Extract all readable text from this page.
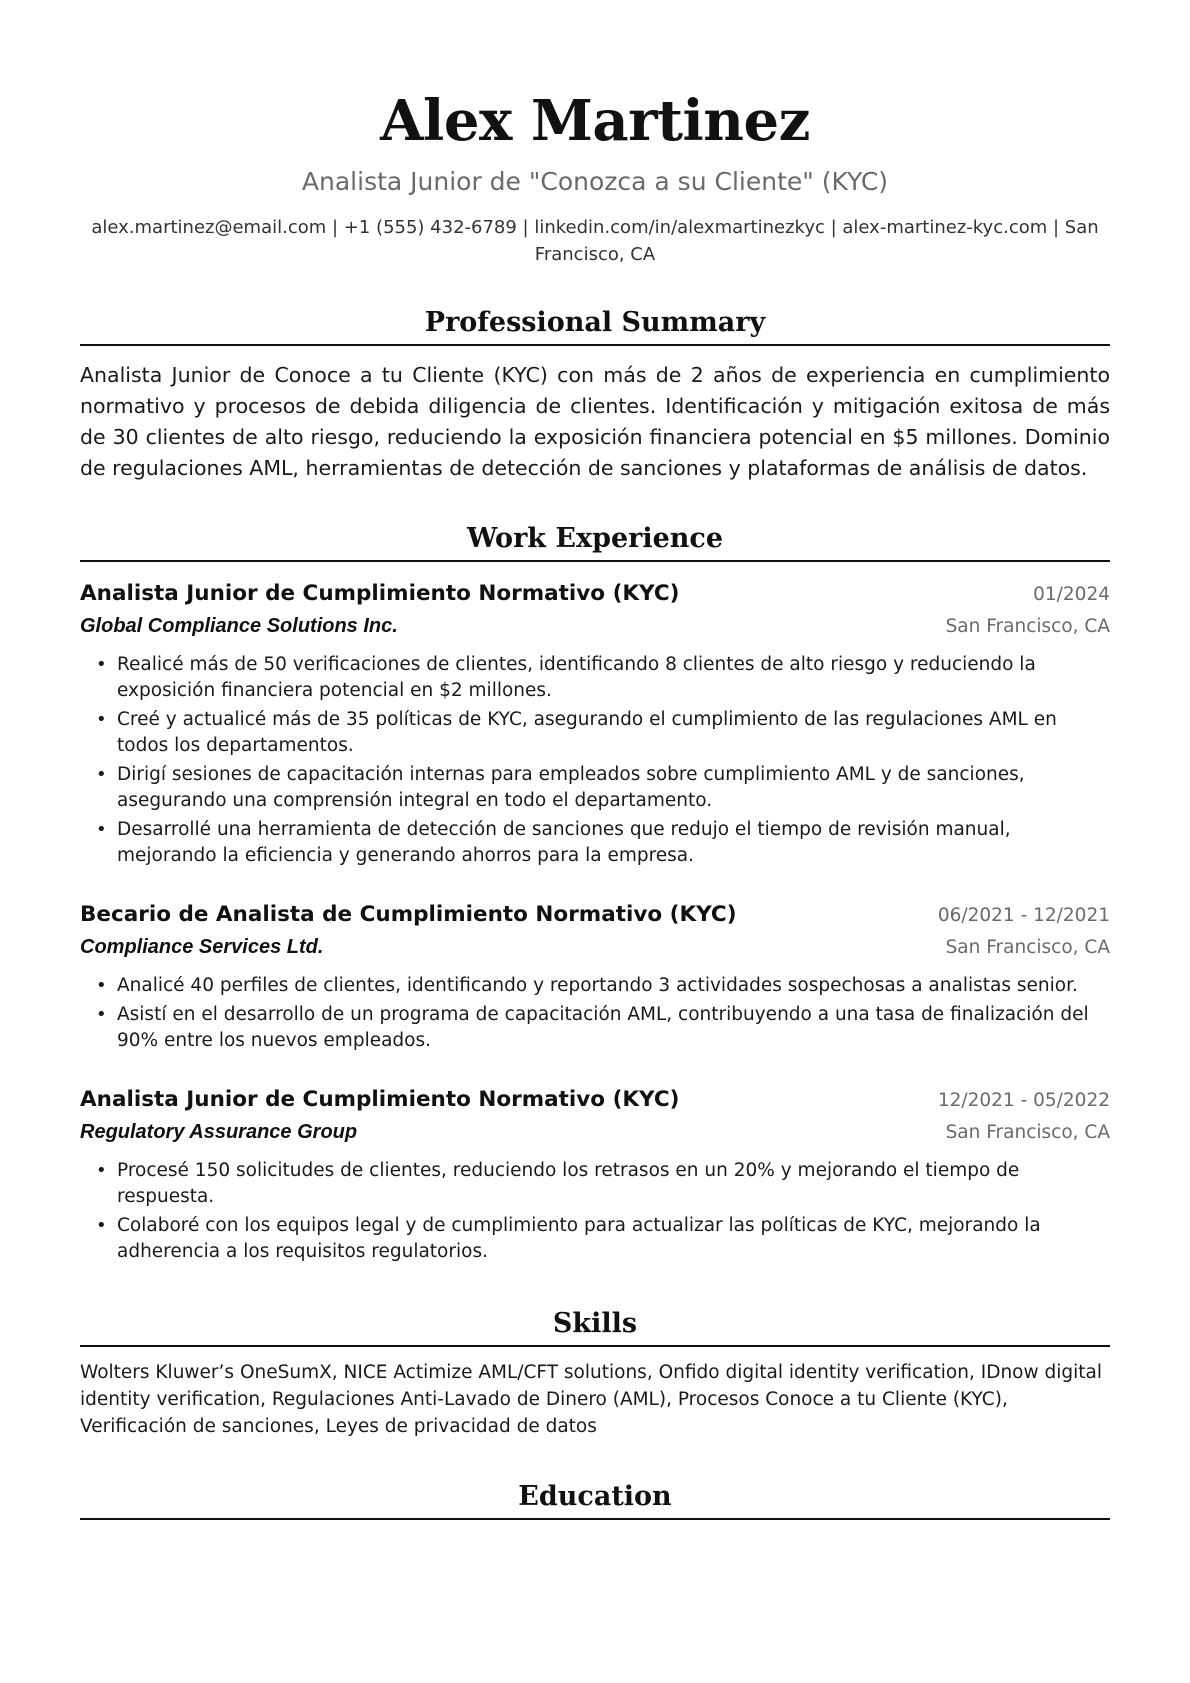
Alex Martinez
Analista Junior de "Conozca a su Cliente" (KYC)
alex.martinez@email.com | +1 (555) 432-6789 | linkedin.com/in/alexmartinezkyc | alex-martinez-kyc.com | San Francisco, CA
Professional Summary
Analista Junior de Conoce a tu Cliente (KYC) con más de 2 años de experiencia en cumplimiento normativo y procesos de debida diligencia de clientes. Identificación y mitigación exitosa de más de 30 clientes de alto riesgo, reduciendo la exposición financiera potencial en $5 millones. Dominio de regulaciones AML, herramientas de detección de sanciones y plataformas de análisis de datos.
Work Experience
Analista Junior de Cumplimiento Normativo (KYC)	01/2024
Global Compliance Solutions Inc.	San Francisco, CA
• Realicé más de 50 verificaciones de clientes, identificando 8 clientes de alto riesgo y reduciendo la exposición financiera potencial en $2 millones.
• Creé y actualicé más de 35 políticas de KYC, asegurando el cumplimiento de las regulaciones AML en todos los departamentos.
• Dirigí sesiones de capacitación internas para empleados sobre cumplimiento AML y de sanciones, asegurando una comprensión integral en todo el departamento.
• Desarrollé una herramienta de detección de sanciones que redujo el tiempo de revisión manual, mejorando la eficiencia y generando ahorros para la empresa.
Becario de Analista de Cumplimiento Normativo (KYC)	06/2021 - 12/2021
Compliance Services Ltd.	San Francisco, CA
• Analicé 40 perfiles de clientes, identificando y reportando 3 actividades sospechosas a analistas senior.
• Asistí en el desarrollo de un programa de capacitación AML, contribuyendo a una tasa de finalización del 90% entre los nuevos empleados.
Analista Junior de Cumplimiento Normativo (KYC)	12/2021 - 05/2022
Regulatory Assurance Group	San Francisco, CA
• Procesé 150 solicitudes de clientes, reduciendo los retrasos en un 20% y mejorando el tiempo de respuesta.
• Colaboré con los equipos legal y de cumplimiento para actualizar las políticas de KYC, mejorando la adherencia a los requisitos regulatorios.
Skills
Wolters Kluwer’s OneSumX, NICE Actimize AML/CFT solutions, Onfido digital identity verification, IDnow digital identity verification, Regulaciones Anti-Lavado de Dinero (AML), Procesos Conoce a tu Cliente (KYC), Verificación de sanciones, Leyes de privacidad de datos
Education
